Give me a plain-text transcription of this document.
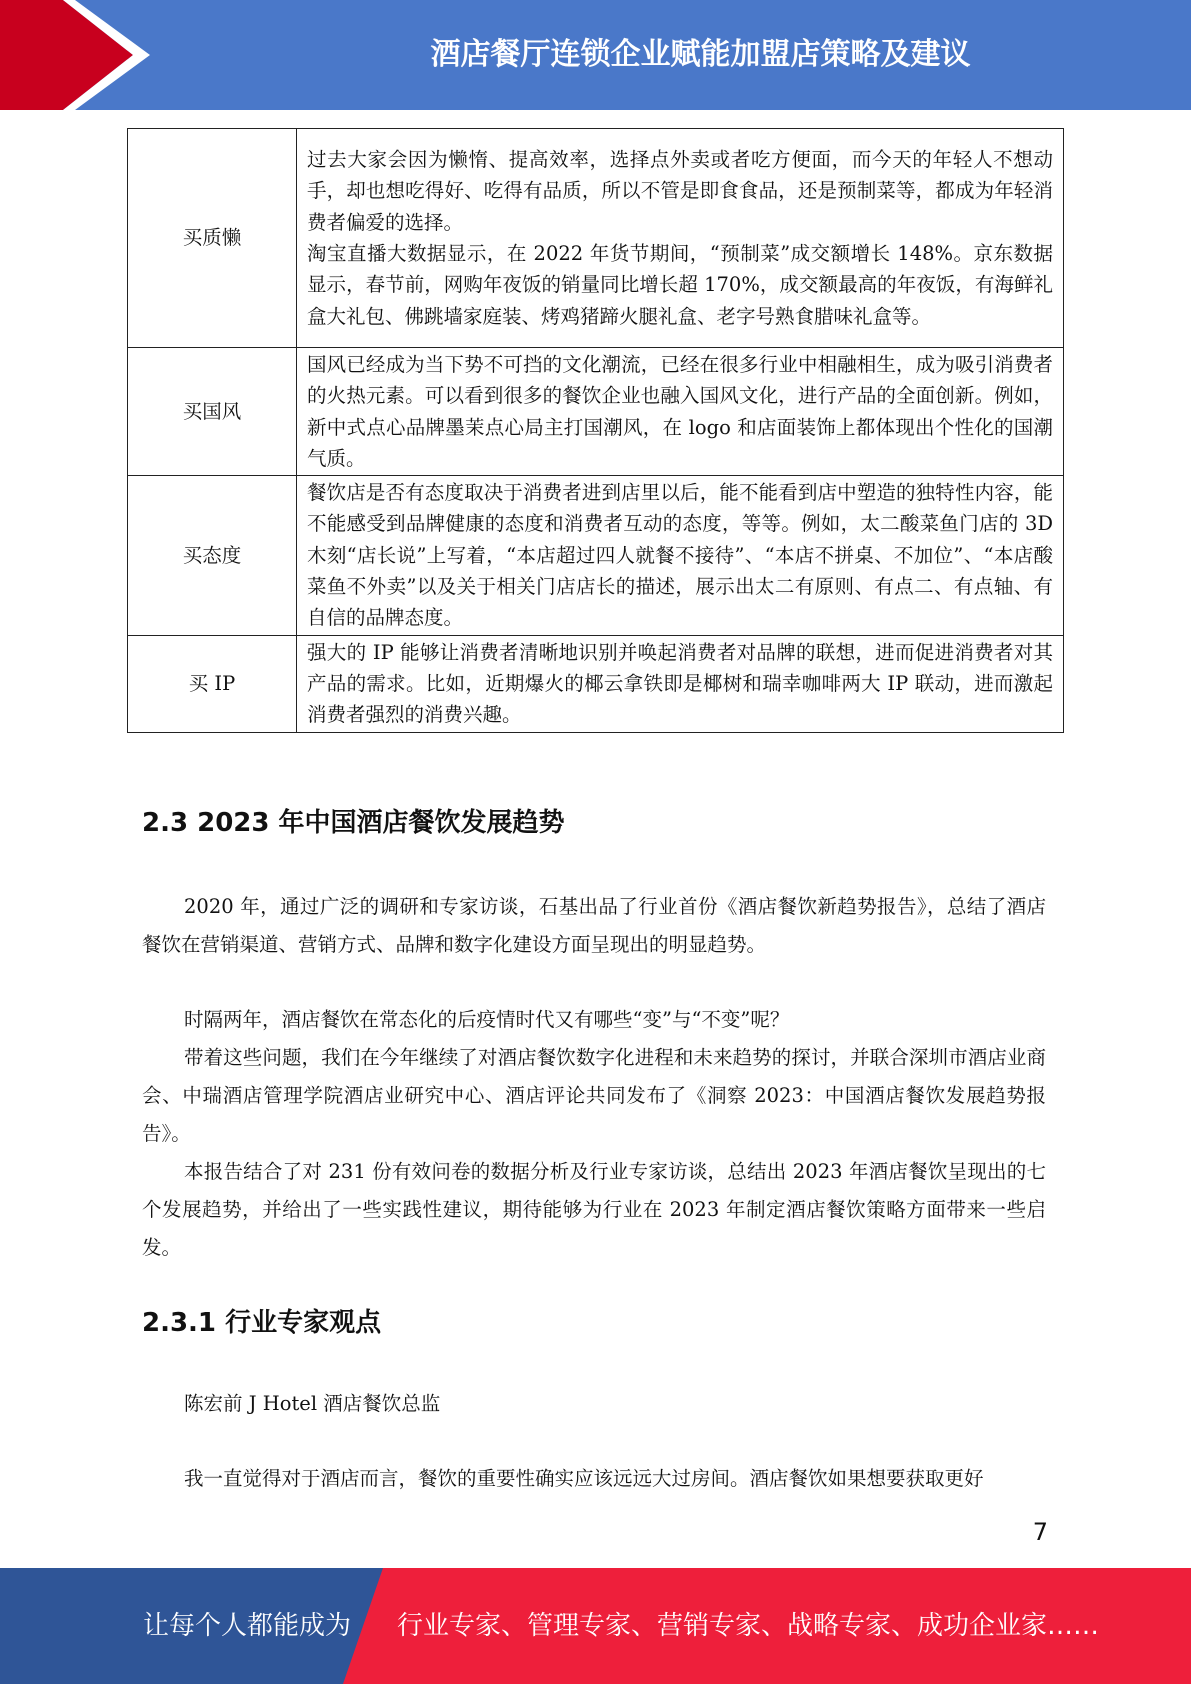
酒店餐厅连锁企业赋能加盟店策略及建议
买质懒	过去大家会因为懒惰、提高效率，选择点外卖或者吃方便面，而今天的年轻人不想动手，却也想吃得好、吃得有品质，所以不管是即食食品，还是预制菜等，都成为年轻消费者偏爱的选择。

淘宝直播大数据显示，在 2022 年货节期间，“预制菜”成交额增长 148%。京东数据显示，春节前，网购年夜饭的销量同比增长超 170%，成交额最高的年夜饭，有海鲜礼盒大礼包、佛跳墙家庭装、烤鸡猪蹄火腿礼盒、老字号熟食腊味礼盒等。

买国风	国风已经成为当下势不可挡的文化潮流，已经在很多行业中相融相生，成为吸引消费者的火热元素。可以看到很多的餐饮企业也融入国风文化，进行产品的全面创新。例如，新中式点心品牌墨茉点心局主打国潮风，在 logo 和店面装饰上都体现出个性化的国潮气质。

买态度	餐饮店是否有态度取决于消费者进到店里以后，能不能看到店中塑造的独特性内容，能不能感受到品牌健康的态度和消费者互动的态度，等等。例如，太二酸菜鱼门店的 3D 木刻“店长说”上写着，“本店超过四人就餐不接待”、“本店不拼桌、不加位”、“本店酸菜鱼不外卖”以及关于相关门店店长的描述，展示出太二有原则、有点二、有点轴、有自信的品牌态度。

买 IP	强大的 IP 能够让消费者清晰地识别并唤起消费者对品牌的联想，进而促进消费者对其产品的需求。比如，近期爆火的椰云拿铁即是椰树和瑞幸咖啡两大 IP 联动，进而激起消费者强烈的消费兴趣。

2.3 2023 年中国酒店餐饮发展趋势

2020 年，通过广泛的调研和专家访谈，石基出品了行业首份《酒店餐饮新趋势报告》，总结了酒店餐饮在营销渠道、营销方式、品牌和数字化建设方面呈现出的明显趋势。

时隔两年，酒店餐饮在常态化的后疫情时代又有哪些“变”与“不变”呢？

带着这些问题，我们在今年继续了对酒店餐饮数字化进程和未来趋势的探讨，并联合深圳市酒店业商会、中瑞酒店管理学院酒店业研究中心、酒店评论共同发布了《洞察 2023：中国酒店餐饮发展趋势报告》。

本报告结合了对 231 份有效问卷的数据分析及行业专家访谈，总结出 2023 年酒店餐饮呈现出的七个发展趋势，并给出了一些实践性建议，期待能够为行业在 2023 年制定酒店餐饮策略方面带来一些启发。

2.3.1 行业专家观点

陈宏前 J Hotel 酒店餐饮总监

我一直觉得对于酒店而言，餐饮的重要性确实应该远远大过房间。酒店餐饮如果想要获取更好

7
让每个人都能成为 行业专家、管理专家、营销专家、战略专家、成功企业家……
